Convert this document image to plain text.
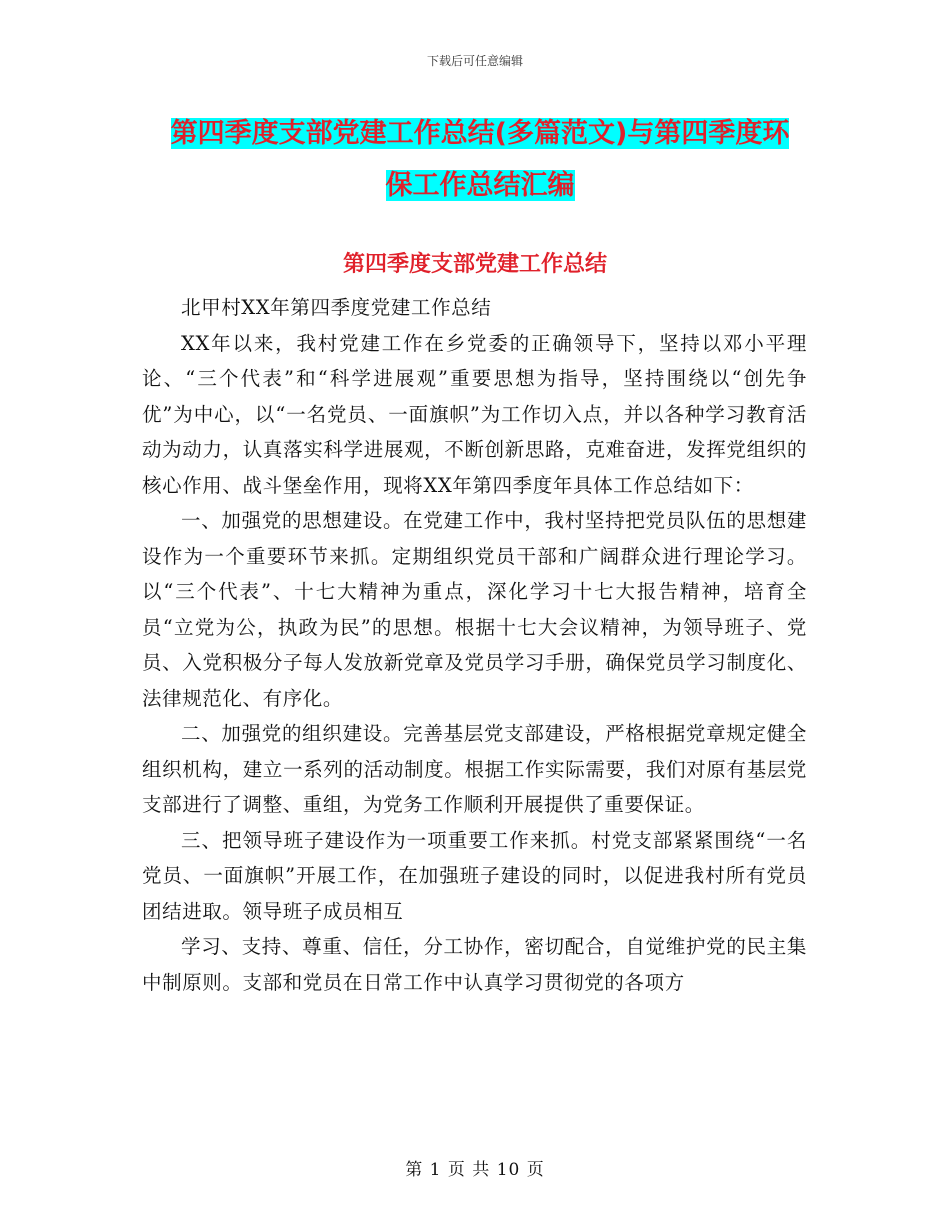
下载后可任意编辑
第四季度支部党建工作总结(多篇范文)与第四季度环
保工作总结汇编
第四季度支部党建工作总结

北甲村XX年第四季度党建工作总结

XX年以来，我村党建工作在乡党委的正确领导下，坚持以邓小平理论、“三个代表”和“科学进展观”重要思想为指导，坚持围绕以“创先争优”为中心，以“一名党员、一面旗帜”为工作切入点，并以各种学习教育活动为动力，认真落实科学进展观，不断创新思路，克难奋进，发挥党组织的核心作用、战斗堡垒作用，现将XX年第四季度年具体工作总结如下：

一、加强党的思想建设。在党建工作中，我村坚持把党员队伍的思想建设作为一个重要环节来抓。定期组织党员干部和广阔群众进行理论学习。以“三个代表”、十七大精神为重点，深化学习十七大报告精神，培育全员“立党为公，执政为民”的思想。根据十七大会议精神，为领导班子、党员、入党积极分子每人发放新党章及党员学习手册，确保党员学习制度化、法律规范化、有序化。

二、加强党的组织建设。完善基层党支部建设，严格根据党章规定健全组织机构，建立一系列的活动制度。根据工作实际需要，我们对原有基层党支部进行了调整、重组，为党务工作顺利开展提供了重要保证。

三、把领导班子建设作为一项重要工作来抓。村党支部紧紧围绕“一名党员、一面旗帜”开展工作，在加强班子建设的同时，以促进我村所有党员团结进取。领导班子成员相互

学习、支持、尊重、信任，分工协作，密切配合，自觉维护党的民主集中制原则。支部和党员在日常工作中认真学习贯彻党的各项方

第 1 页 共 10 页
